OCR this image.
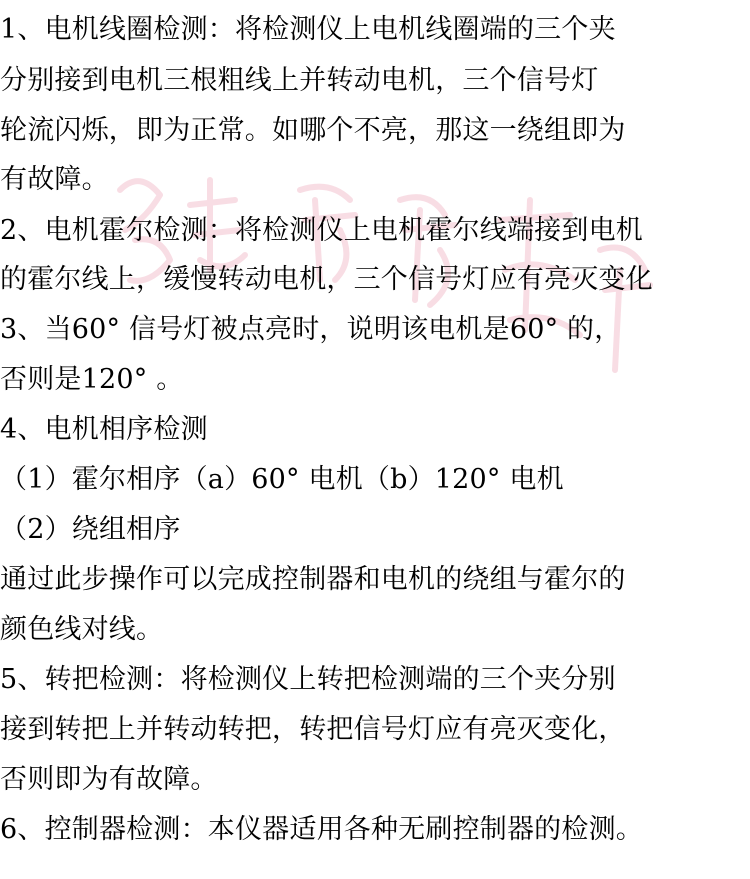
1、电机线圈检测：将检测仪上电机线圈端的三个夹
分别接到电机三根粗线上并转动电机，三个信号灯
轮流闪烁，即为正常。如哪个不亮，那这一绕组即为
有故障。
2、电机霍尔检测：将检测仪上电机霍尔线端接到电机
的霍尔线上，缓慢转动电机，三个信号灯应有亮灭变化
3、当60° 信号灯被点亮时，说明该电机是60° 的，
否则是120° 。
4、电机相序检测
（1）霍尔相序（a）60° 电机（b）120° 电机
（2）绕组相序
通过此步操作可以完成控制器和电机的绕组与霍尔的
颜色线对线。
5、转把检测：将检测仪上转把检测端的三个夹分别
接到转把上并转动转把，转把信号灯应有亮灭变化，
否则即为有故障。
6、控制器检测：本仪器适用各种无刷控制器的检测。
